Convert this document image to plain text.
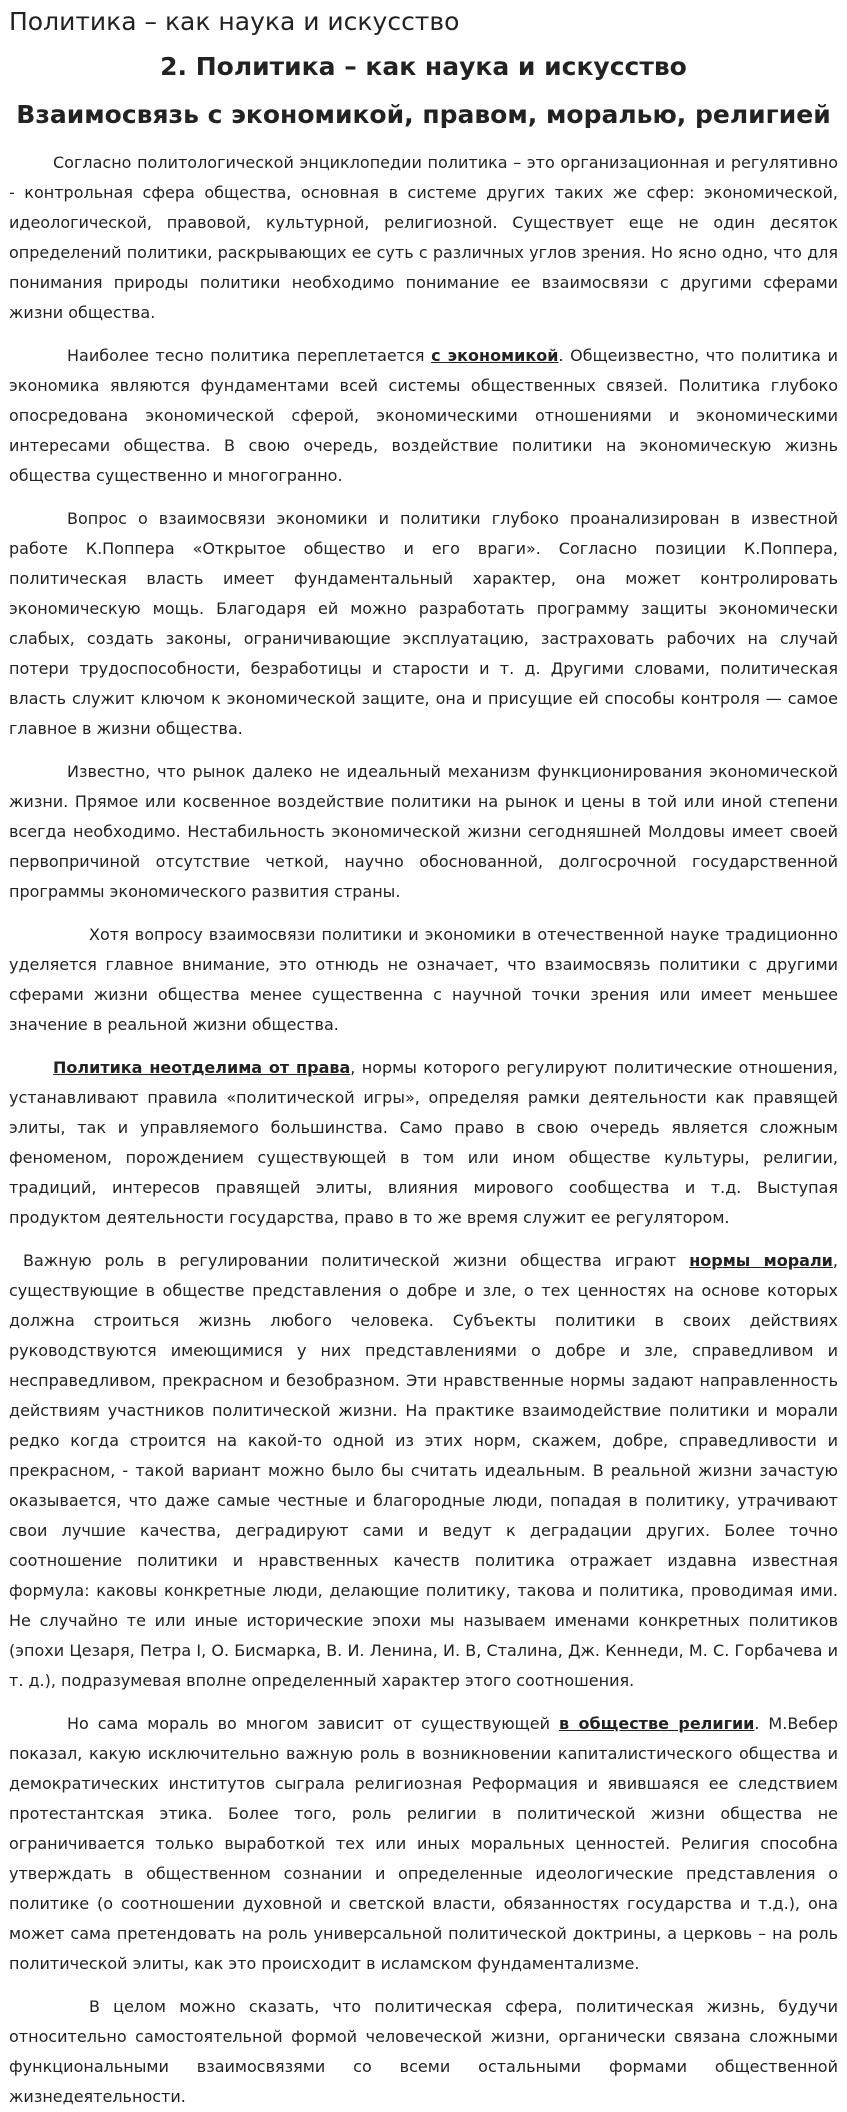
Политика – как наука и искусство
2. Политика – как наука и искусство
Взаимосвязь с экономикой, правом, моралью, религией

Согласно политологической энциклопедии политика – это организационная и регулятивно - контрольная сфера общества, основная в системе других таких же сфер: экономической, идеологической, правовой, культурной, религиозной. Существует еще не один десяток определений политики, раскрывающих ее суть с различных углов зрения. Но ясно одно, что для понимания природы политики необходимо понимание ее взаимосвязи с другими сферами жизни общества.

Наиболее тесно политика переплетается с экономикой. Общеизвестно, что политика и экономика являются фундаментами всей системы общественных связей. Политика глубоко опосредована экономической сферой, экономическими отношениями и экономическими интересами общества. В свою очередь, воздействие политики на экономическую жизнь общества существенно и многогранно.

Вопрос о взаимосвязи экономики и политики глубоко проанализирован в известной работе К.Поппера «Открытое общество и его враги». Согласно позиции К.Поппера, политическая власть имеет фундаментальный характер, она может контролировать экономическую мощь. Благодаря ей можно разработать программу защиты экономически слабых, создать законы, ограничивающие эксплуатацию, застраховать рабочих на случай потери трудоспособности, безработицы и старости и т. д. Другими словами, политическая власть служит ключом к экономической защите, она и присущие ей способы контроля — самое главное в жизни общества.

Известно, что рынок далеко не идеальный механизм функционирования экономической жизни. Прямое или косвенное воздействие политики на рынок и цены в той или иной степени всегда необходимо. Нестабильность экономической жизни сегодняшней Молдовы имеет своей первопричиной отсутствие четкой, научно обоснованной, долгосрочной государственной программы экономического развития страны.

Хотя вопросу взаимосвязи политики и экономики в отечественной науке традиционно уделяется главное внимание, это отнюдь не означает, что взаимосвязь политики с другими сферами жизни общества менее существенна с научной точки зрения или имеет меньшее значение в реальной жизни общества.

Политика неотделима от права, нормы которого регулируют политические отношения, устанавливают правила «политической игры», определяя рамки деятельности как правящей элиты, так и управляемого большинства. Само право в свою очередь является сложным феноменом, порождением существующей в том или ином обществе культуры, религии, традиций, интересов правящей элиты, влияния мирового сообщества и т.д. Выступая продуктом деятельности государства, право в то же время служит ее регулятором.

Важную роль в регулировании политической жизни общества играют нормы морали, существующие в обществе представления о добре и зле, о тех ценностях на основе которых должна строиться жизнь любого человека. Субъекты политики в своих действиях руководствуются имеющимися у них представлениями о добре и зле, справедливом и несправедливом, прекрасном и безобразном. Эти нравственные нормы задают направленность действиям участников политической жизни. На практике взаимодействие политики и морали редко когда строится на какой-то одной из этих норм, скажем, добре, справедливости и прекрасном, - такой вариант можно было бы считать идеальным. В реальной жизни зачастую оказывается, что даже самые честные и благородные люди, попадая в политику, утрачивают свои лучшие качества, деградируют сами и ведут к деградации других. Более точно соотношение политики и нравственных качеств политика отражает издавна известная формула: каковы конкретные люди, делающие политику, такова и политика, проводимая ими. Не случайно те или иные исторические эпохи мы называем именами конкретных политиков (эпохи Цезаря, Петра I, О. Бисмарка, В. И. Ленина, И. В, Сталина, Дж. Кеннеди, М. С. Горбачева и т. д.), подразумевая вполне определенный характер этого соотношения.

Но сама мораль во многом зависит от существующей в обществе религии. М.Вебер показал, какую исключительно важную роль в возникновении капиталистического общества и демократических институтов сыграла религиозная Реформация и явившаяся ее следствием протестантская этика. Более того, роль религии в политической жизни общества не ограничивается только выработкой тех или иных моральных ценностей. Религия способна утверждать в общественном сознании и определенные идеологические представления о политике (о соотношении духовной и светской власти, обязанностях государства и т.д.), она может сама претендовать на роль универсальной политической доктрины, а церковь – на роль политической элиты, как это происходит в исламском фундаментализме.

В целом можно сказать, что политическая сфера, политическая жизнь, будучи относительно самостоятельной формой человеческой жизни, органически связана сложными функциональными взаимосвязями со всеми остальными формами общественной жизнедеятельности.
